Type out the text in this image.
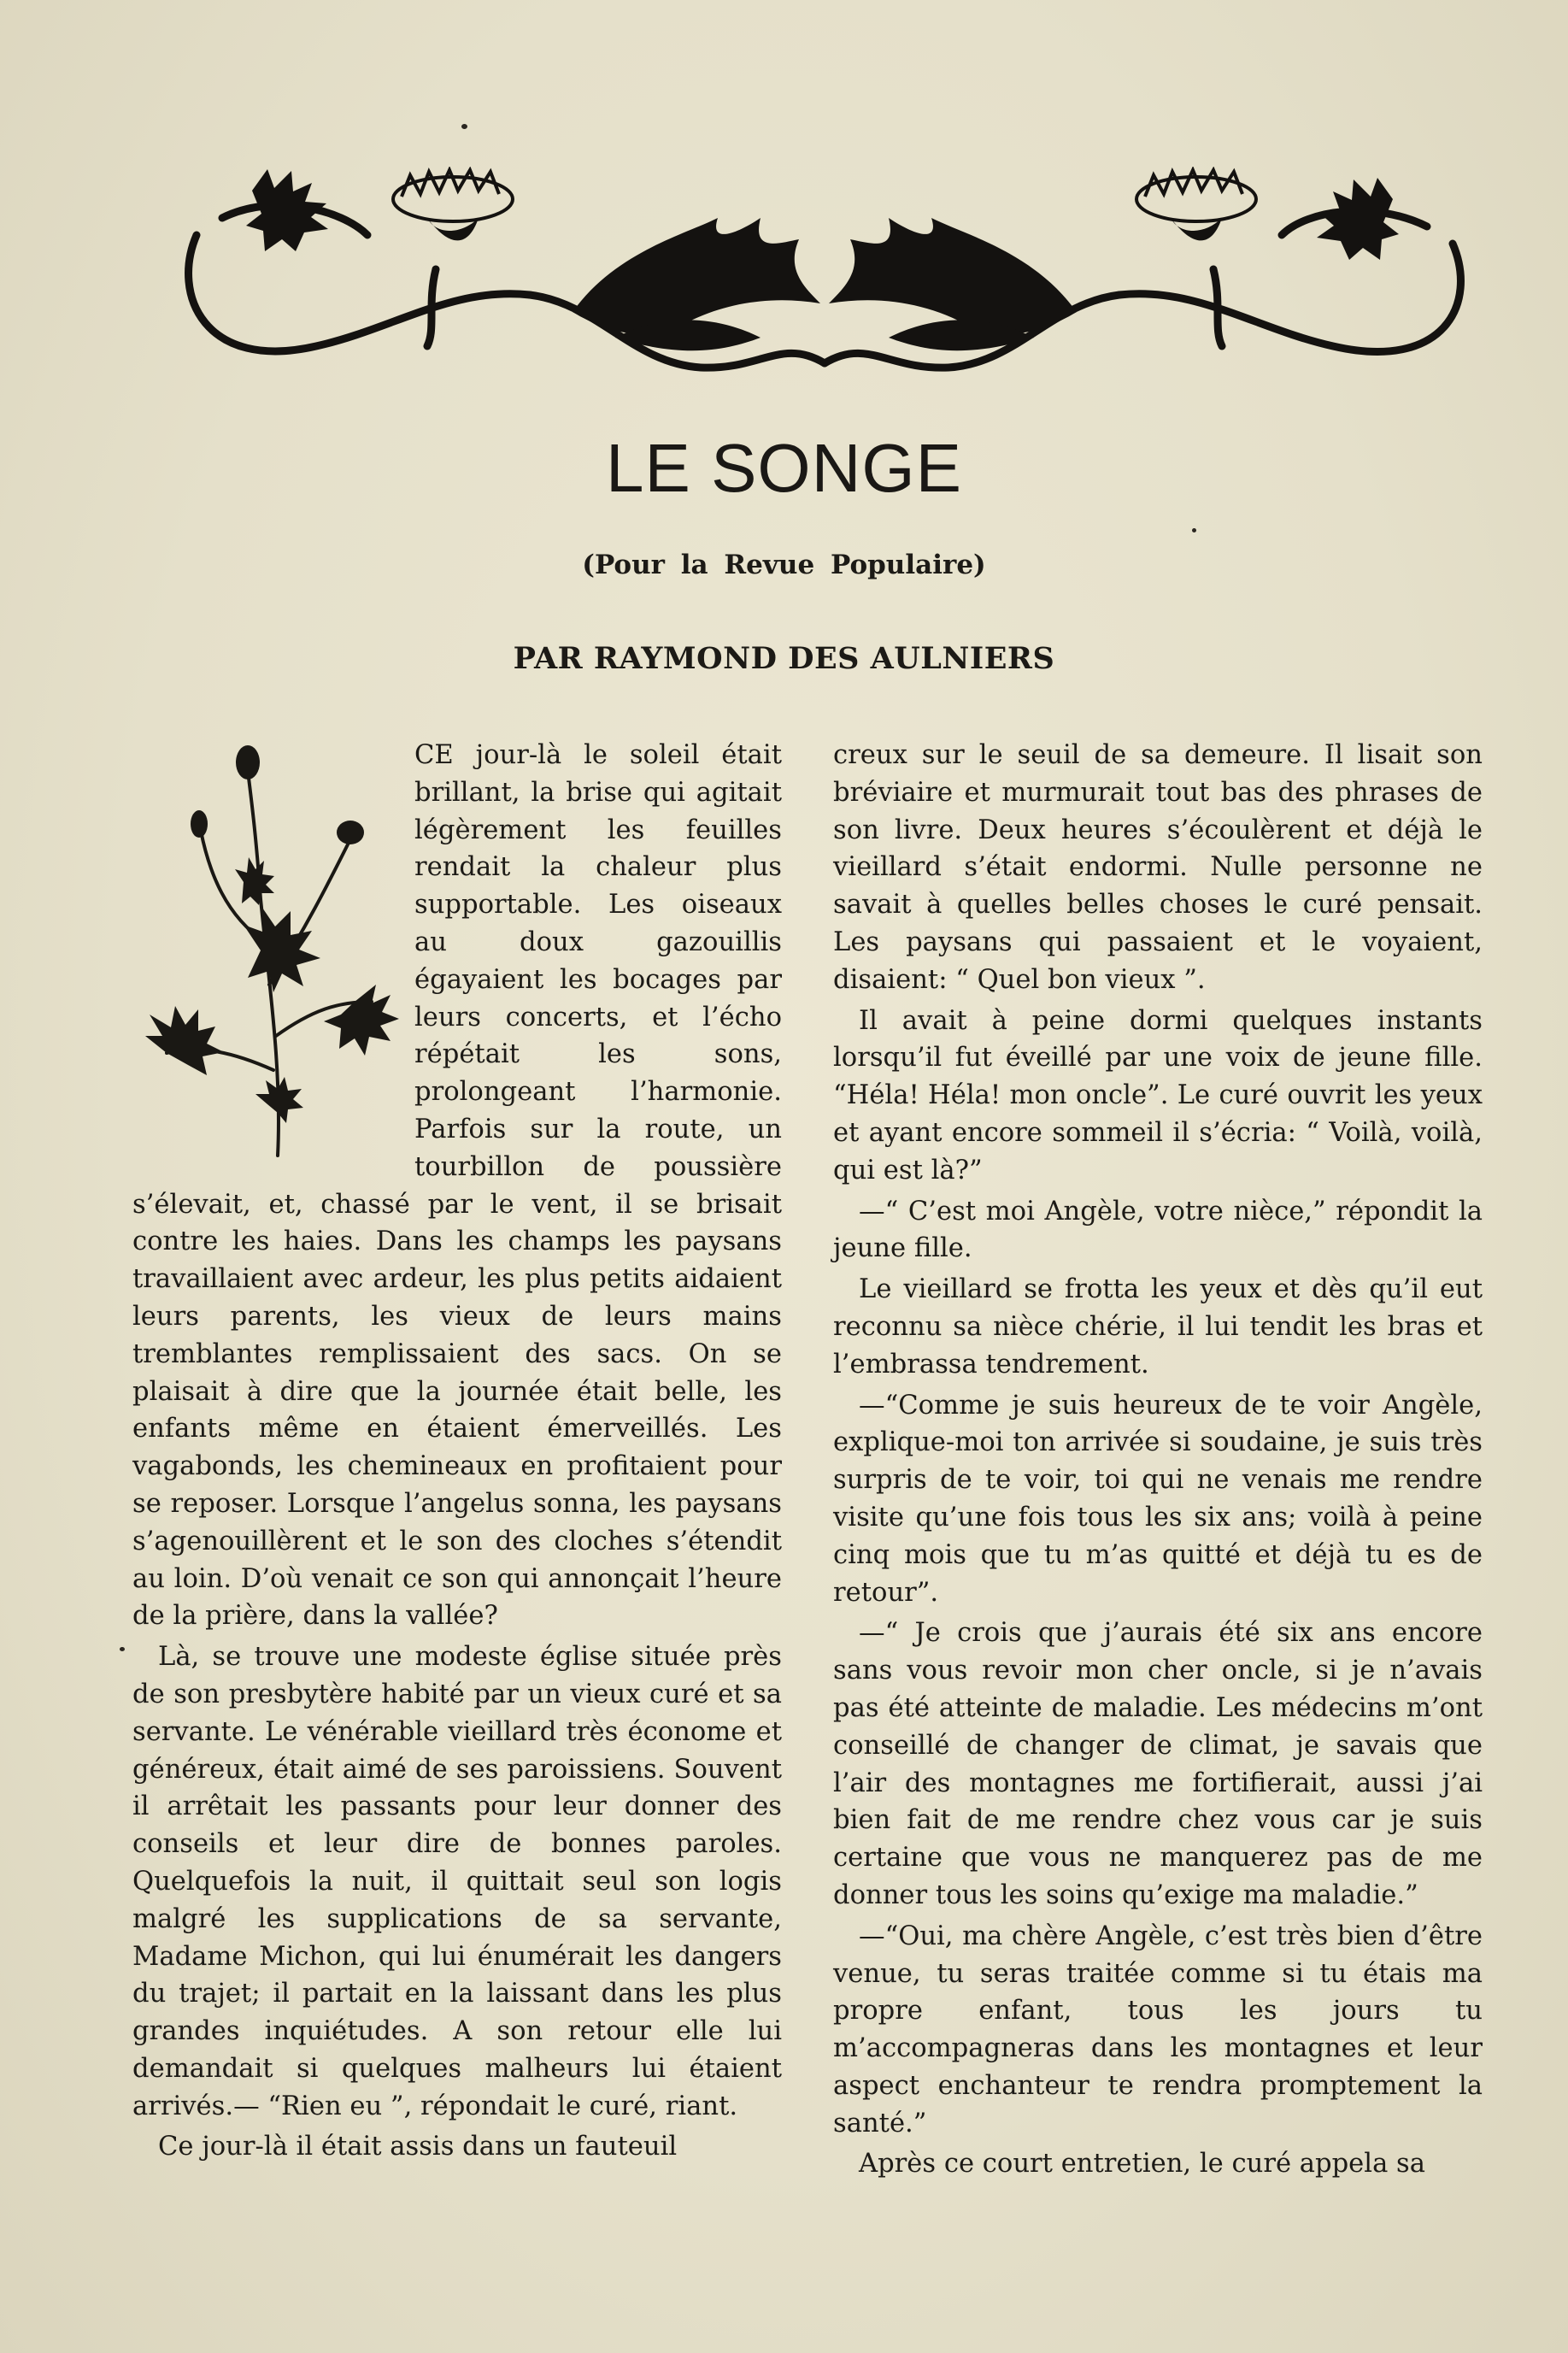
LE SONGE
(Pour la Revue Populaire)
PAR RAYMOND DES AULNIERS

CE jour-là le soleil était brillant, la brise qui agitait légèrement les feuilles rendait la chaleur plus supportable. Les oiseaux au doux gazouillis égayaient les bocages par leurs concerts, et l’écho répétait les sons, prolongeant l’harmonie. Parfois sur la route, un tourbillon de poussière s’élevait, et, chassé par le vent, il se brisait contre les haies. Dans les champs les paysans travaillaient avec ardeur, les plus petits aidaient leurs parents, les vieux de leurs mains tremblantes remplissaient des sacs. On se plaisait à dire que la journée était belle, les enfants même en étaient émerveillés. Les vagabonds, les chemineaux en profitaient pour se reposer. Lorsque l’angelus sonna, les paysans s’agenouillèrent et le son des cloches s’étendit au loin. D’où venait ce son qui annonçait l’heure de la prière, dans la vallée?

Là, se trouve une modeste église située près de son presbytère habité par un vieux curé et sa servante. Le vénérable vieillard très économe et généreux, était aimé de ses paroissiens. Souvent il arrêtait les passants pour leur donner des conseils et leur dire de bonnes paroles. Quelquefois la nuit, il quittait seul son logis malgré les supplications de sa servante, Madame Michon, qui lui énumérait les dangers du trajet; il partait en la laissant dans les plus grandes inquiétudes. A son retour elle lui demandait si quelques malheurs lui étaient arrivés.— “Rien eu ”, répondait le curé, riant.

Ce jour-là il était assis dans un fauteuil

creux sur le seuil de sa demeure. Il lisait son bréviaire et murmurait tout bas des phrases de son livre. Deux heures s’écoulèrent et déjà le vieillard s’était endormi. Nulle personne ne savait à quelles belles choses le curé pensait. Les paysans qui passaient et le voyaient, disaient: “ Quel bon vieux ”.

Il avait à peine dormi quelques instants lorsqu’il fut éveillé par une voix de jeune fille. “Héla! Héla! mon oncle”. Le curé ouvrit les yeux et ayant encore sommeil il s’écria: “ Voilà, voilà, qui est là?”

—“ C’est moi Angèle, votre nièce,” répondit la jeune fille.

Le vieillard se frotta les yeux et dès qu’il eut reconnu sa nièce chérie, il lui tendit les bras et l’embrassa tendrement.

—“Comme je suis heureux de te voir Angèle, explique-moi ton arrivée si soudaine, je suis très surpris de te voir, toi qui ne venais me rendre visite qu’une fois tous les six ans; voilà à peine cinq mois que tu m’as quitté et déjà tu es de retour”.

—“ Je crois que j’aurais été six ans encore sans vous revoir mon cher oncle, si je n’avais pas été atteinte de maladie. Les médecins m’ont conseillé de changer de climat, je savais que l’air des montagnes me fortifierait, aussi j’ai bien fait de me rendre chez vous car je suis certaine que vous ne manquerez pas de me donner tous les soins qu’exige ma maladie.”

—“Oui, ma chère Angèle, c’est très bien d’être venue, tu seras traitée comme si tu étais ma propre enfant, tous les jours tu m’accompagneras dans les montagnes et leur aspect enchanteur te rendra promptement la santé.”

Après ce court entretien, le curé appela sa
